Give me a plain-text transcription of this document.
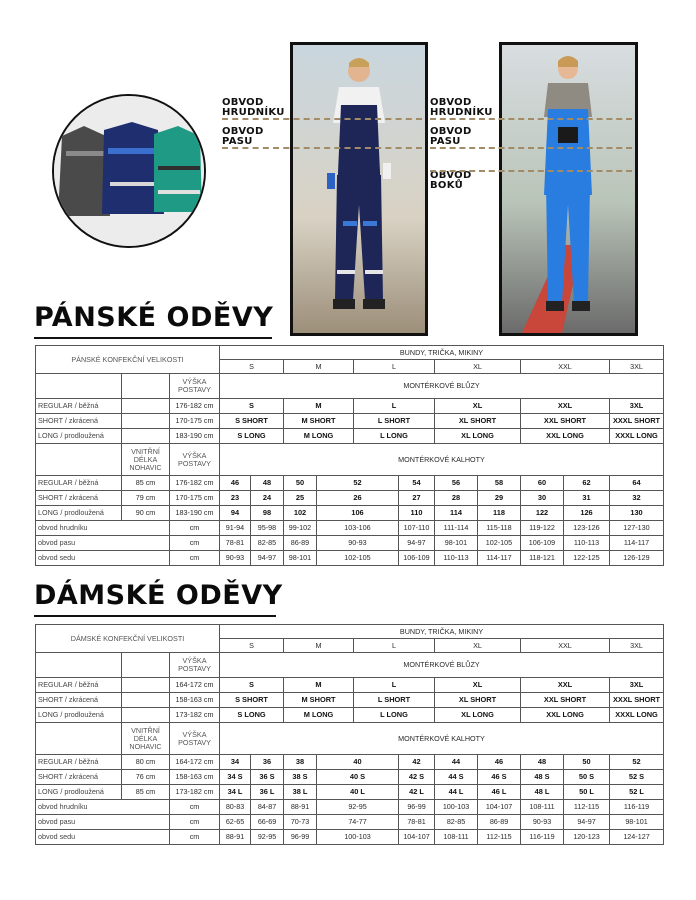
OBVOD
HRUDNÍKU
OBVOD
PASU
OBVOD
HRUDNÍKU
OBVOD
PASU
OBVOD
BOKŮ
PÁNSKÉ ODĚVY
PÁNSKÉ KONFEKČNÍ VELIKOSTI			BUNDY, TRIČKA, MIKINY										
			S		M		L		XL		XXL		3XL
		VÝŠKA POSTAVY	MONTÉRKOVÉ BLŮZY										
REGULAR / běžná		176-182 cm	S		M		L		XL		XXL		3XL
SHORT / zkrácená		170-175 cm	S SHORT		M SHORT		L SHORT		XL SHORT		XXL SHORT		XXXL SHORT
LONG / prodloužená		183-190 cm	S LONG		M LONG		L LONG		XL LONG		XXL LONG		XXXL LONG
	VNITŘNÍ DÉLKA NOHAVIC	VÝŠKA POSTAVY	MONTÉRKOVÉ KALHOTY										
REGULAR / běžná	85 cm	176-182 cm	46	48	50	52		54	56	58	60	62	64
SHORT / zkrácená	79 cm	170-175 cm	23	24	25	26		27	28	29	30	31	32
LONG / prodloužená	90 cm	183-190 cm	94	98	102	106		110	114	118	122	126	130
obvod hrudníku		cm	91-94	95-98	99-102	103-106		107-110	111-114	115-118	119-122	123-126	127-130
obvod pasu		cm	78-81	82-85	86-89	90-93		94-97	98-101	102-105	106-109	110-113	114-117
obvod sedu		cm	90-93	94-97	98-101	102-105		106-109	110-113	114-117	118-121	122-125	126-129
DÁMSKÉ ODĚVY
DÁMSKÉ KONFEKČNÍ VELIKOSTI			BUNDY, TRIČKA, MIKINY										
			S		M		L		XL		XXL		3XL
		VÝŠKA POSTAVY	MONTÉRKOVÉ BLŮZY										
REGULAR / běžná		164-172 cm	S		M		L		XL		XXL		3XL
SHORT / zkrácená		158-163 cm	S SHORT		M SHORT		L SHORT		XL SHORT		XXL SHORT		XXXL SHORT
LONG / prodloužená		173-182 cm	S LONG		M LONG		L LONG		XL LONG		XXL LONG		XXXL LONG
	VNITŘNÍ DÉLKA NOHAVIC	VÝŠKA POSTAVY	MONTÉRKOVÉ KALHOTY										
REGULAR / běžná	80 cm	164-172 cm	34	36	38	40		42	44	46	48	50	52
SHORT / zkrácená	76 cm	158-163 cm	34 S	36 S	38 S	40 S		42 S	44 S	46 S	48 S	50 S	52 S
LONG / prodloužená	85 cm	173-182 cm	34 L	36 L	38 L	40 L		42 L	44 L	46 L	48 L	50 L	52 L
obvod hrudníku		cm	80-83	84-87	88-91	92-95		96-99	100-103	104-107	108-111	112-115	116-119
obvod pasu		cm	62-65	66-69	70-73	74-77		78-81	82-85	86-89	90-93	94-97	98-101
obvod sedu		cm	88-91	92-95	96-99	100-103		104-107	108-111	112-115	116-119	120-123	124-127
